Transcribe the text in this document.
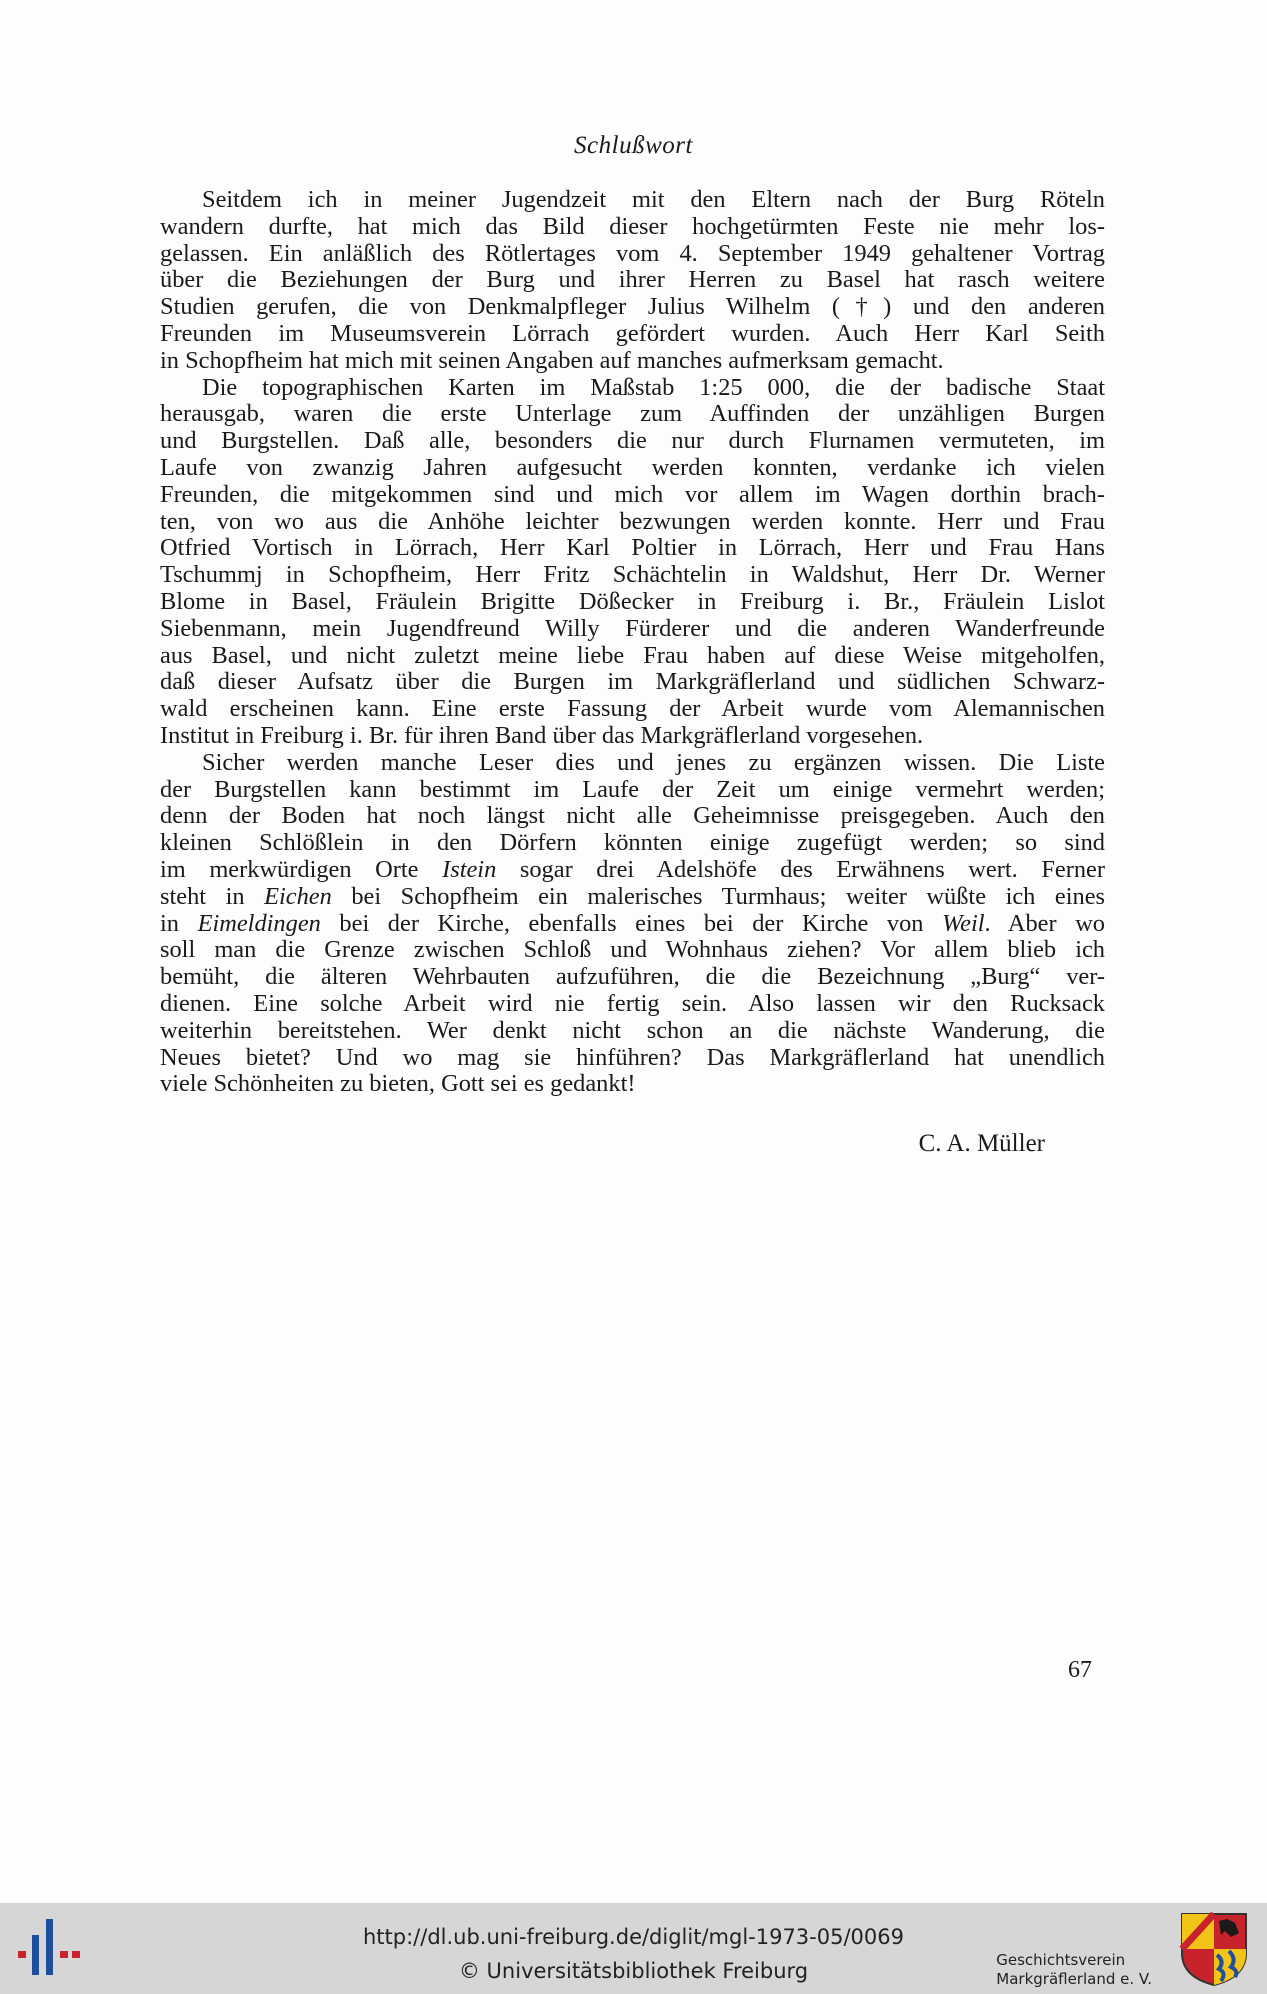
Schlußwort
Seitdem ich in meiner Jugendzeit mit den Eltern nach der Burg Röteln
wandern durfte, hat mich das Bild dieser hochgetürmten Feste nie mehr los-
gelassen. Ein anläßlich des Rötlertages vom 4. September 1949 gehaltener Vortrag
über die Beziehungen der Burg und ihrer Herren zu Basel hat rasch weitere
Studien gerufen, die von Denkmalpfleger Julius Wilhelm (†) und den anderen
Freunden im Museumsverein Lörrach gefördert wurden. Auch Herr Karl Seith
in Schopfheim hat mich mit seinen Angaben auf manches aufmerksam gemacht.
Die topographischen Karten im Maßstab 1:25 000, die der badische Staat
herausgab, waren die erste Unterlage zum Auffinden der unzähligen Burgen
und Burgstellen. Daß alle, besonders die nur durch Flurnamen vermuteten, im
Laufe von zwanzig Jahren aufgesucht werden konnten, verdanke ich vielen
Freunden, die mitgekommen sind und mich vor allem im Wagen dorthin brach-
ten, von wo aus die Anhöhe leichter bezwungen werden konnte. Herr und Frau
Otfried Vortisch in Lörrach, Herr Karl Poltier in Lörrach, Herr und Frau Hans
Tschummj in Schopfheim, Herr Fritz Schächtelin in Waldshut, Herr Dr. Werner
Blome in Basel, Fräulein Brigitte Dößecker in Freiburg i. Br., Fräulein Lislot
Siebenmann, mein Jugendfreund Willy Fürderer und die anderen Wanderfreunde
aus Basel, und nicht zuletzt meine liebe Frau haben auf diese Weise mitgeholfen,
daß dieser Aufsatz über die Burgen im Markgräflerland und südlichen Schwarz-
wald erscheinen kann. Eine erste Fassung der Arbeit wurde vom Alemannischen
Institut in Freiburg i. Br. für ihren Band über das Markgräflerland vorgesehen.
Sicher werden manche Leser dies und jenes zu ergänzen wissen. Die Liste
der Burgstellen kann bestimmt im Laufe der Zeit um einige vermehrt werden;
denn der Boden hat noch längst nicht alle Geheimnisse preisgegeben. Auch den
kleinen Schlößlein in den Dörfern könnten einige zugefügt werden; so sind
im merkwürdigen Orte Istein sogar drei Adelshöfe des Erwähnens wert. Ferner
steht in Eichen bei Schopfheim ein malerisches Turmhaus; weiter wüßte ich eines
in Eimeldingen bei der Kirche, ebenfalls eines bei der Kirche von Weil. Aber wo
soll man die Grenze zwischen Schloß und Wohnhaus ziehen? Vor allem blieb ich
bemüht, die älteren Wehrbauten aufzuführen, die die Bezeichnung „Burg“ ver-
dienen. Eine solche Arbeit wird nie fertig sein. Also lassen wir den Rucksack
weiterhin bereitstehen. Wer denkt nicht schon an die nächste Wanderung, die
Neues bietet? Und wo mag sie hinführen? Das Markgräflerland hat unendlich
viele Schönheiten zu bieten, Gott sei es gedankt!
C. A. Müller
67
http://dl.ub.uni-freiburg.de/diglit/mgl-1973-05/0069
© Universitätsbibliothek Freiburg	Geschichtsverein
Markgräflerland e. V.
